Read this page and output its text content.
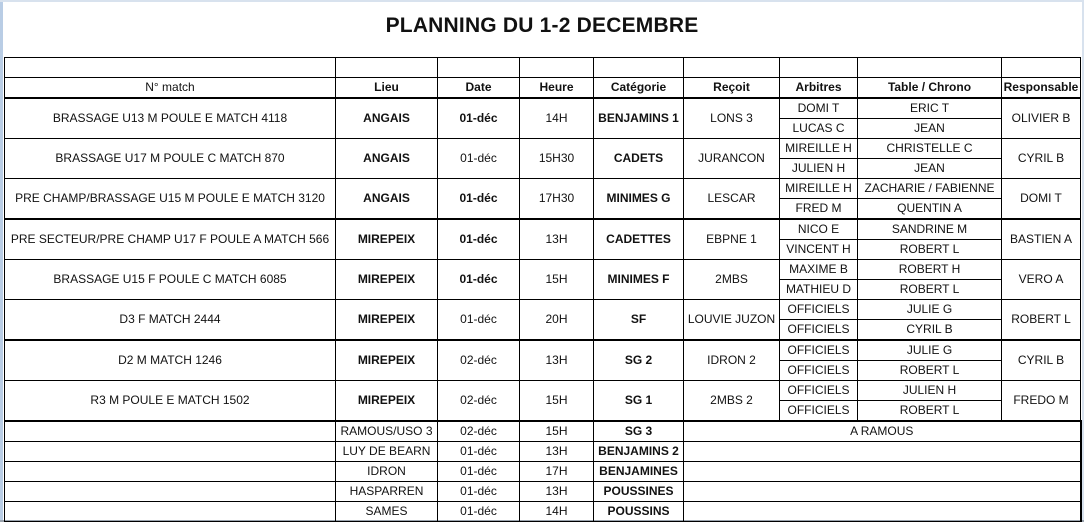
PLANNING DU 1-2 DECEMBRE

N° match	Lieu	Date	Heure	Catégorie	Reçoit	Arbitres	Table / Chrono	Responsable
BRASSAGE U13 M POULE E MATCH 4118	ANGAIS	01-déc	14H	BENJAMINS 1	LONS 3	DOMI T	ERIC T	OLIVIER B
						LUCAS C	JEAN	
BRASSAGE U17 M POULE C MATCH 870	ANGAIS	01-déc	15H30	CADETS	JURANCON	MIREILLE H	CHRISTELLE C	CYRIL B
						JULIEN H	JEAN	
PRE CHAMP/BRASSAGE U15 M POULE E MATCH 3120	ANGAIS	01-déc	17H30	MINIMES G	LESCAR	MIREILLE H	ZACHARIE / FABIENNE	DOMI T
						FRED M	QUENTIN A	
PRE SECTEUR/PRE CHAMP U17 F POULE A MATCH 566	MIREPEIX	01-déc	13H	CADETTES	EBPNE 1	NICO E	SANDRINE M	BASTIEN A
						VINCENT H	ROBERT L	
BRASSAGE U15 F POULE C MATCH 6085	MIREPEIX	01-déc	15H	MINIMES F	2MBS	MAXIME B	ROBERT H	VERO A
						MATHIEU D	ROBERT L	
D3 F MATCH 2444	MIREPEIX	01-déc	20H	SF	LOUVIE JUZON	OFFICIELS	JULIE G	ROBERT L
						OFFICIELS	CYRIL B	
D2 M MATCH 1246	MIREPEIX	02-déc	13H	SG 2	IDRON 2	OFFICIELS	JULIE G	CYRIL B
						OFFICIELS	ROBERT L	
R3 M POULE E MATCH 1502	MIREPEIX	02-déc	15H	SG 1	2MBS 2	OFFICIELS	JULIEN H	FREDO M
						OFFICIELS	ROBERT L	
	RAMOUS/USO 3	02-déc	15H	SG 3	A RAMOUS			
	LUY DE BEARN	01-déc	13H	BENJAMINS 2				
	IDRON	01-déc	17H	BENJAMINES				
	HASPARREN	01-déc	13H	POUSSINES				
	SAMES	01-déc	14H	POUSSINS				
